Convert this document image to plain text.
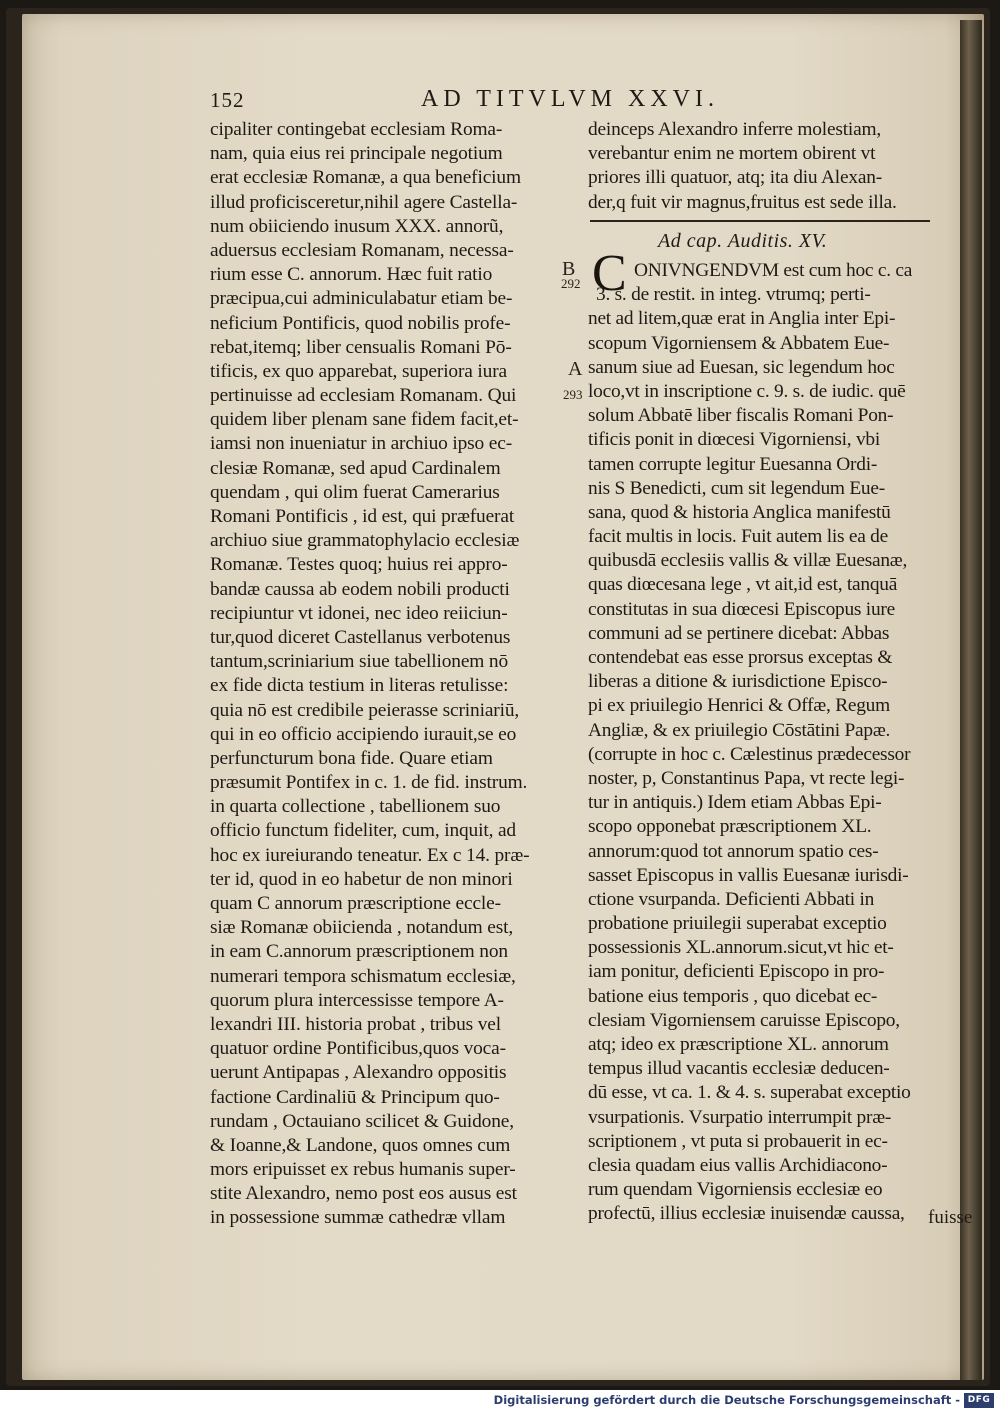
152	AD TITVLVM XXVI.
cipaliter contingebat ecclesiam Roma-
nam, quia eius rei principale negotium
erat ecclesiæ Romanæ, a qua beneficium
illud proficisceretur,nihil agere Castella-
num obiiciendo inusum XXX. annorũ,
aduersus ecclesiam Romanam, necessa-
rium esse C. annorum. Hæc fuit ratio
præcipua,cui adminiculabatur etiam be-
neficium Pontificis, quod nobilis profe-
rebat,itemq; liber censualis Romani Pō-
tificis, ex quo apparebat, superiora iura
pertinuisse ad ecclesiam Romanam. Qui
quidem liber plenam sane fidem facit,et-
iamsi non inueniatur in archiuo ipso ec-
clesiæ Romanæ, sed apud Cardinalem
quendam , qui olim fuerat Camerarius
Romani Pontificis , id est, qui præfuerat
archiuo siue grammatophylacio ecclesiæ
Romanæ. Testes quoq; huius rei appro-
bandæ caussa ab eodem nobili producti
recipiuntur vt idonei, nec ideo reiiciun-
tur,quod diceret Castellanus verbotenus
tantum,scriniarium siue tabellionem nō
ex fide dicta testium in literas retulisse:
quia nō est credibile peierasse scriniariū,
qui in eo officio accipiendo iurauit,se eo
perfuncturum bona fide. Quare etiam
præsumit Pontifex in c. 1. de fid. instrum.
in quarta collectione , tabellionem suo
officio functum fideliter, cum, inquit, ad
hoc ex iureiurando teneatur. Ex c 14. præ-
ter id, quod in eo habetur de non minori
quam C annorum præscriptione eccle-
siæ Romanæ obiicienda , notandum est,
in eam C.annorum præscriptionem non
numerari tempora schismatum ecclesiæ,
quorum plura intercessisse tempore A-
lexandri III. historia probat , tribus vel
quatuor ordine Pontificibus,quos voca-
uerunt Antipapas , Alexandro oppositis
factione Cardinaliū & Principum quo-
rundam , Octauiano scilicet & Guidone,
& Ioanne,& Landone, quos omnes cum
mors eripuisset ex rebus humanis super-
stite Alexandro, nemo post eos ausus est
in possessione summæ cathedræ vllam
deinceps Alexandro inferre molestiam,
verebantur enim ne mortem obirent vt
priores illi quatuor, atq; ita diu Alexan-
der,q fuit vir magnus,fruitus est sede illa.
Ad cap. Auditis. XV.
C ONIVNGENDVM est cum hoc c. ca
3. s. de restit. in integ. vtrumq; perti-
net ad litem,quæ erat in Anglia inter Epi-
scopum Vigorniensem & Abbatem Eue-
sanum siue ad Euesan, sic legendum hoc
loco,vt in inscriptione c. 9. s. de iudic. quē
solum Abbatē liber fiscalis Romani Pon-
tificis ponit in diœcesi Vigorniensi, vbi
tamen corrupte legitur Euesanna Ordi-
nis S Benedicti, cum sit legendum Eue-
sana, quod & historia Anglica manifestū
facit multis in locis. Fuit autem lis ea de
quibusdā ecclesiis vallis & villæ Euesanæ,
quas diœcesana lege , vt ait,id est, tanquā
constitutas in sua diœcesi Episcopus iure
communi ad se pertinere dicebat: Abbas
contendebat eas esse prorsus exceptas &
liberas a ditione & iurisdictione Episco-
pi ex priuilegio Henrici & Offæ, Regum
Angliæ, & ex priuilegio Cōstātini Papæ.
(corrupte in hoc c. Cælestinus prædecessor
noster, p, Constantinus Papa, vt recte legi-
tur in antiquis.) Idem etiam Abbas Epi-
scopo opponebat præscriptionem XL.
annorum:quod tot annorum spatio ces-
sasset Episcopus in vallis Euesanæ iurisdi-
ctione vsurpanda. Deficienti Abbati in
probatione priuilegii superabat exceptio
possessionis XL.annorum.sicut,vt hic et-
iam ponitur, deficienti Episcopo in pro-
batione eius temporis , quo dicebat ec-
clesiam Vigorniensem caruisse Episcopo,
atq; ideo ex præscriptione XL. annorum
tempus illud vacantis ecclesiæ deducen-
dū esse, vt ca. 1. & 4. s. superabat exceptio
vsurpationis. Vsurpatio interrumpit præ-
scriptionem , vt puta si probauerit in ec-
clesia quadam eius vallis Archidiacono-
rum quendam Vigorniensis ecclesiæ eo
profectū, illius ecclesiæ inuisendæ caussa,
B
292
A
293
fuisse
Digitalisierung gefördert durch die Deutsche Forschungsgemeinschaft - DFG
